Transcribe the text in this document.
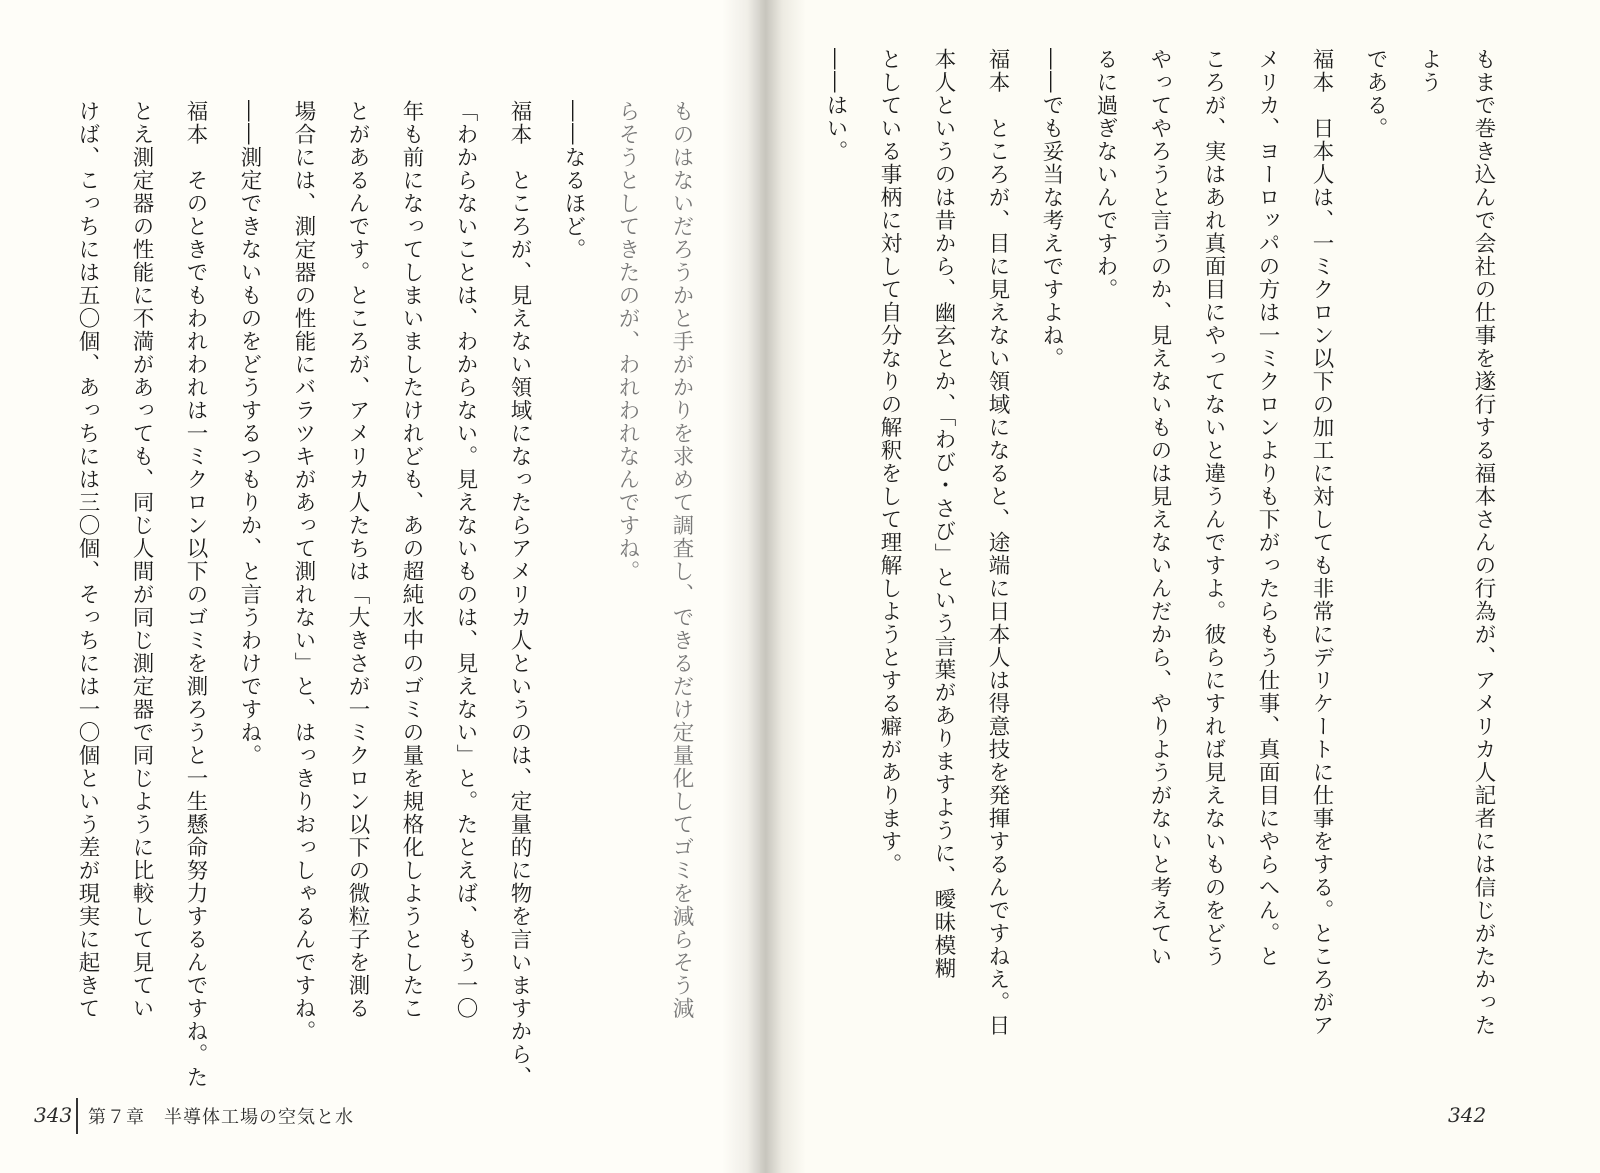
ものはないだろうかと手がかりを求めて調査し、できるだけ定量化してゴミを減らそう減

らそうとしてきたのが、われわれなんですね。

――なるほど。

福本　ところが、見えない領域になったらアメリカ人というのは、定量的に物を言いますから、

「わからないことは、わからない。見えないものは、見えない」と。たとえば、もう一〇

年も前になってしまいましたけれども、あの超純水中のゴミの量を規格化しようとしたこ

とがあるんです。ところが、アメリカ人たちは「大きさが一ミクロン以下の微粒子を測る

場合には、測定器の性能にバラツキがあって測れない」と、はっきりおっしゃるんですね。

――測定できないものをどうするつもりか、と言うわけですね。

福本　そのときでもわれわれは一ミクロン以下のゴミを測ろうと一生懸命努力するんですね。た

とえ測定器の性能に不満があっても、同じ人間が同じ測定器で同じように比較して見てい

けば、こっちには五〇個、あっちには三〇個、そっちには一〇個という差が現実に起きて

343 第７章　半導体工場の空気と水

もまで巻き込んで会社の仕事を遂行する福本さんの行為が、アメリカ人記者には信じがたかったよう

である。

福本　日本人は、一ミクロン以下の加工に対しても非常にデリケートに仕事をする。ところがア

メリカ、ヨーロッパの方は一ミクロンよりも下がったらもう仕事、真面目にやらへん。と

ころが、実はあれ真面目にやってないと違うんですよ。彼らにすれば見えないものをどう

やってやろうと言うのか、見えないものは見えないんだから、やりようがないと考えてい

るに過ぎないんですわ。

――でも妥当な考えですよね。

福本　ところが、目に見えない領域になると、途端に日本人は得意技を発揮するんですねえ。日

本人というのは昔から、幽玄とか、「わび・さび」という言葉がありますように、曖昧模糊

としている事柄に対して自分なりの解釈をして理解しようとする癖があります。

――はい。

342
